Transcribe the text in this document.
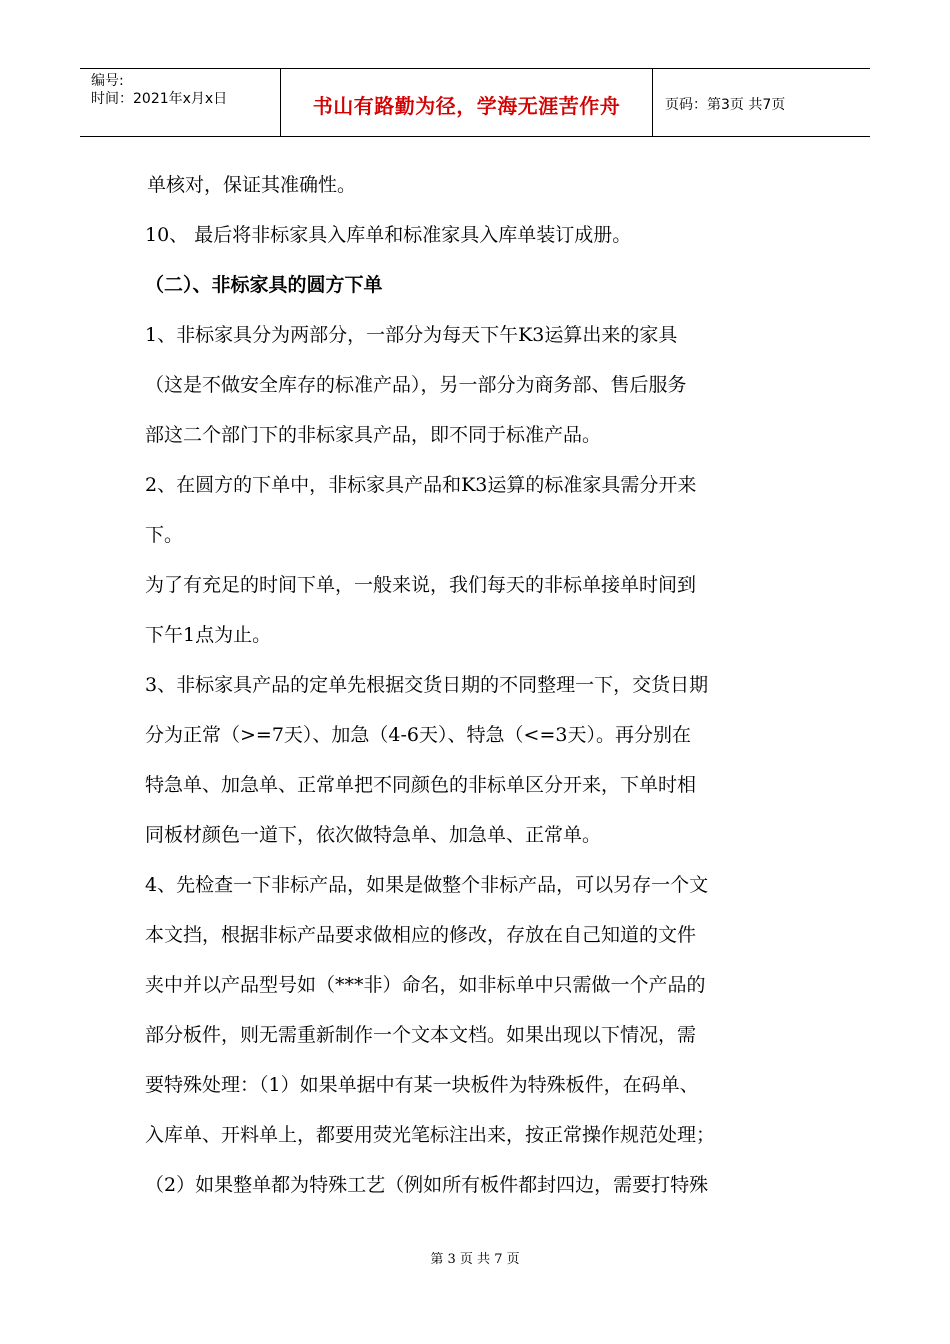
编号:
时间：2021年x月x日	书山有路勤为径，学海无涯苦作舟	页码：第3页 共7页
单核对，保证其准确性。
10、 最后将非标家具入库单和标准家具入库单装订成册。
（二）、非标家具的圆方下单
1、非标家具分为两部分，一部分为每天下午K3运算出来的家具
（这是不做安全库存的标准产品），另一部分为商务部、售后服务
部这二个部门下的非标家具产品，即不同于标准产品。
2、在圆方的下单中，非标家具产品和K3运算的标准家具需分开来
下。
为了有充足的时间下单，一般来说，我们每天的非标单接单时间到
下午1点为止。
3、非标家具产品的定单先根据交货日期的不同整理一下，交货日期
分为正常（>=7天）、加急（4-6天）、特急（<=3天）。再分别在
特急单、加急单、正常单把不同颜色的非标单区分开来，下单时相
同板材颜色一道下，依次做特急单、加急单、正常单。
4、先检查一下非标产品，如果是做整个非标产品，可以另存一个文
本文挡，根据非标产品要求做相应的修改，存放在自己知道的文件
夹中并以产品型号如（***非）命名，如非标单中只需做一个产品的
部分板件，则无需重新制作一个文本文档。如果出现以下情况，需
要特殊处理：（1）如果单据中有某一块板件为特殊板件，在码单、
入库单、开料单上，都要用荧光笔标注出来，按正常操作规范处理；
（2）如果整单都为特殊工艺（例如所有板件都封四边，需要打特殊
第 3 页 共 7 页
